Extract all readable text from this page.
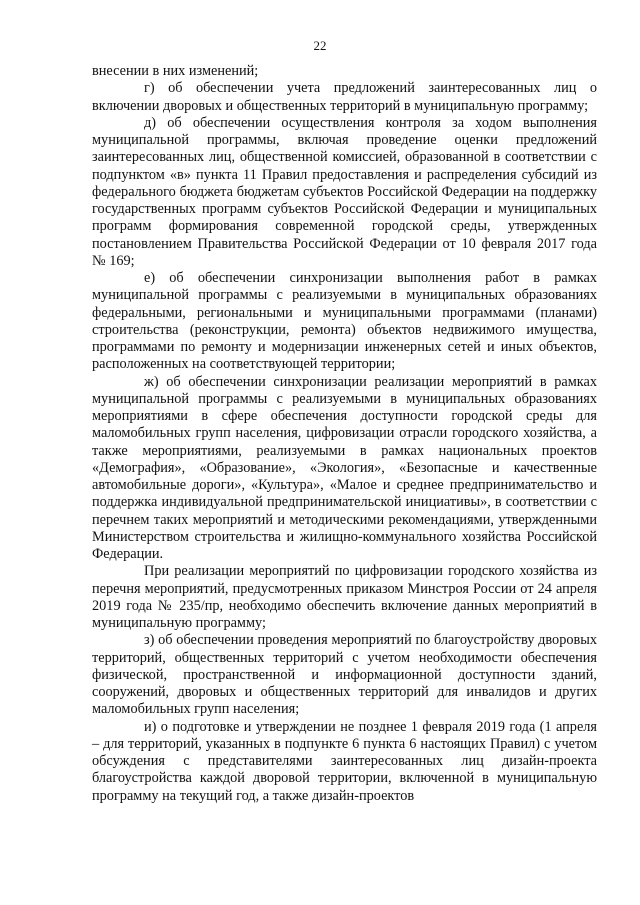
22

внесении в них изменений;

г) об обеспечении учета предложений заинтересованных лиц о включении дворовых и общественных территорий в муниципальную программу;

д) об обеспечении осуществления контроля за ходом выполнения муниципальной программы, включая проведение оценки предложений заинтересованных лиц, общественной комиссией, образованной в соответствии с подпунктом «в» пункта 11 Правил предоставления и распределения субсидий из федерального бюджета бюджетам субъектов Российской Федерации на поддержку государственных программ субъектов Российской Федерации и муниципальных программ формирования современной городской среды, утвержденных постановлением Правительства Российской Федерации от 10 февраля 2017 года № 169;

е) об обеспечении синхронизации выполнения работ в рамках муниципальной программы с реализуемыми в муниципальных образованиях федеральными, региональными и муниципальными программами (планами) строительства (реконструкции, ремонта) объектов недвижимого имущества, программами по ремонту и модернизации инженерных сетей и иных объектов, расположенных на соответствующей территории;

ж) об обеспечении синхронизации реализации мероприятий в рамках муниципальной программы с реализуемыми в муниципальных образованиях мероприятиями в сфере обеспечения доступности городской среды для маломобильных групп населения, цифровизации отрасли городского хозяйства, а также мероприятиями, реализуемыми в рамках национальных проектов «Демография», «Образование», «Экология», «Безопасные и качественные автомобильные дороги», «Культура», «Малое и среднее предпринимательство и поддержка индивидуальной предпринимательской инициативы», в соответствии с перечнем таких мероприятий и методическими рекомендациями, утвержденными Министерством строительства и жилищно-коммунального хозяйства Российской Федерации.

При реализации мероприятий по цифровизации городского хозяйства из перечня мероприятий, предусмотренных приказом Минстроя России от 24 апреля 2019 года № 235/пр, необходимо обеспечить включение данных мероприятий в муниципальную программу;

з) об обеспечении проведения мероприятий по благоустройству дворовых территорий, общественных территорий с учетом необходимости обеспечения физической, пространственной и информационной доступности зданий, сооружений, дворовых и общественных территорий для инвалидов и других маломобильных групп населения;

и) о подготовке и утверждении не позднее 1 февраля 2019 года (1 апреля – для территорий, указанных в подпункте 6 пункта 6 настоящих Правил) с учетом обсуждения с представителями заинтересованных лиц дизайн-проекта благоустройства каждой дворовой территории, включенной в муниципальную программу на текущий год, а также дизайн-проектов
